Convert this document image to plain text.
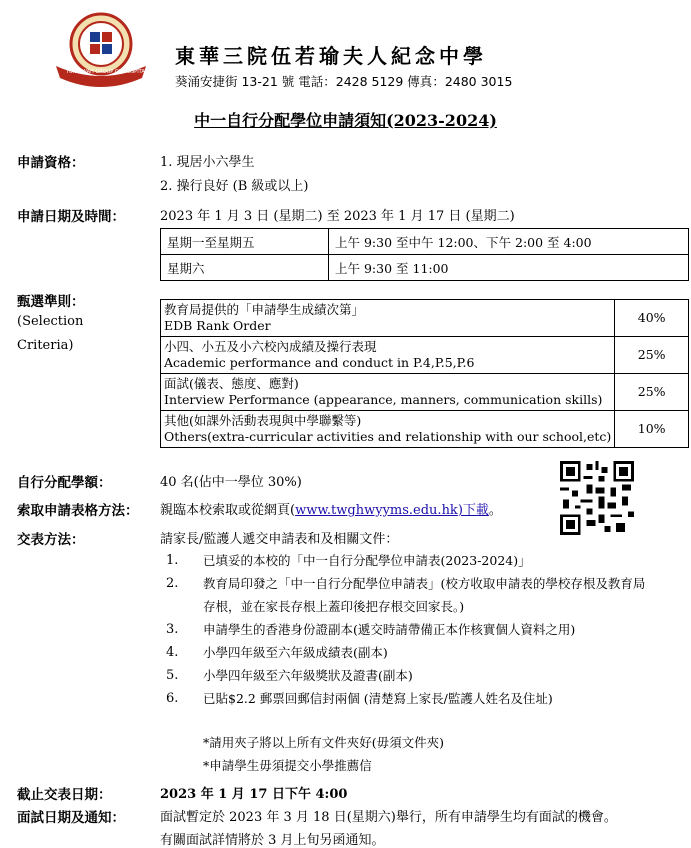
TUNG WAH GROUP OF HOSPITALS
東華三院伍若瑜夫人紀念中學
葵涌安捷街 13-21 號 電話：2428 5129 傳真：2480 3015
中一自行分配學位申請須知(2023-2024)
申請資格：	1. 現居小六學生
2. 操行良好 (B 級或以上)
申請日期及時間：	2023 年 1 月 3 日 (星期二) 至 2023 年 1 月 17 日 (星期二)
星期一至星期五	上午 9:30 至中午 12:00、下午 2:00 至 4:00
星期六	上午 9:30 至 11:00
甄選準則：
(Selection
Criteria)
教育局提供的「申請學生成績次第」
EDB Rank Order	40%

小四、小五及小六校內成績及操行表現
Academic performance and conduct in P.4,P.5,P.6	25%

面試(儀表、態度、應對)
Interview Performance (appearance, manners, communication skills)	25%

其他(如課外活動表現與中學聯繫等)
Others(extra-curricular activities and relationship with our school,etc)	10%
自行分配學額：	40 名(佔中一學位 30%)
索取申請表格方法： 親臨本校索取或從網頁(www.twghwyyms.edu.hk)下載。
交表方法：	請家長/監護人遞交申請表和及相關文件：
1. 已填妥的本校的「中一自行分配學位申請表(2023-2024)」
2. 教育局印發之「中一自行分配學位申請表」(校方收取申請表的學校存根及教育局
存根，並在家長存根上蓋印後把存根交回家長。)
3. 申請學生的香港身份證副本(遞交時請帶備正本作核實個人資料之用)
4. 小學四年級至六年級成績表(副本)
5. 小學四年級至六年級獎狀及證書(副本)
6. 已貼$2.2 郵票回郵信封兩個 (清楚寫上家長/監護人姓名及住址)
*請用夾子將以上所有文件夾好(毋須文件夾)
*申請學生毋須提交小學推薦信
截止交表日期：	2023 年 1 月 17 日下午 4:00
面試日期及通知：	面試暫定於 2023 年 3 月 18 日(星期六)舉行，所有申請學生均有面試的機會。
有關面試詳情將於 3 月上旬另函通知。
